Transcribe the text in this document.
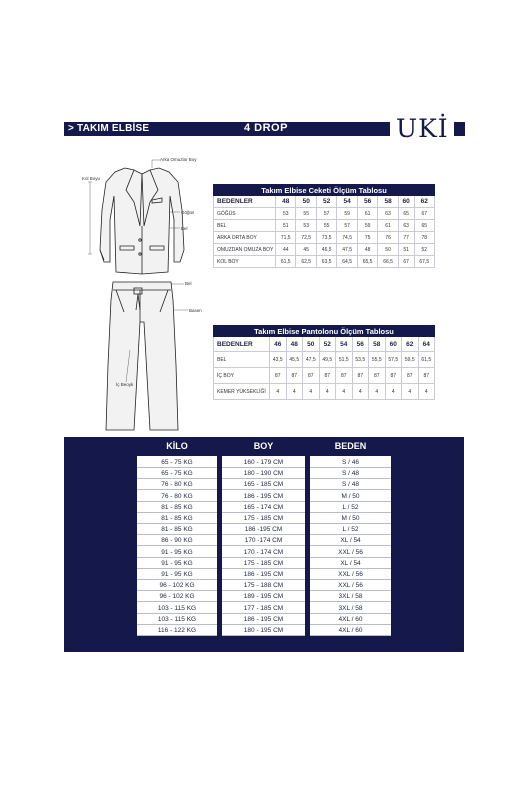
> TAKIM ELBİSE	4 DROP	UKİ
Arka Omuzlar Boy
Kol Boyu
Göğüs
Bel
Bel
Basen
İç Beoyk
Takım Elbise Ceketi Ölçüm Tablosu								
BEDENLER	48	50	52	54	56	58	60	62
GÖĞÜS	53	55	57	59	61	63	65	67
BEL	51	53	55	57	59	61	63	65
ARKA ORTA BOY	71,5	72,5	73,5	74,5	75	76	77	78
OMUZDAN OMUZA BOY	44	45	46,5	47,5	48	50	51	52
KOL BOY	61,5	62,5	63,5	64,5	65,5	66,5	67	67,5
Takım Elbise Pantolonu Ölçüm Tablosu										
BEDENLER	46	48	50	52	54	56	58	60	62	64
BEL	43,5	45,5	47,5	49,5	51,5	53,5	55,5	57,5	59,5	61,5
İÇ BOY	87	87	87	87	87	87	87	87	87	87
KEMER YÜKSEKLİĞİ	4	4	4	4	4	4	4	4	4	4
KİLO	BOY	BEDEN
65 - 75 KG	160 - 179 CM	S / 46
65 - 75 KG	180 - 190 CM	S / 48
76 - 80 KG	165 - 185 CM	S / 48
76 - 80 KG	186 - 195 CM	M / 50
81 - 85 KG	165 - 174 CM	L / 52
81 - 85 KG	175 - 185 CM	M / 50
81 - 85 KG	186 -195 CM	L / 52
86 - 90 KG	170 -174 CM	XL / 54
91 - 95 KG	170 - 174 CM	XXL / 56
91 - 95 KG	175 - 185 CM	XL / 54
91 - 95 KG	186 - 195 CM	XXL / 56
96 - 102 KG	175 - 188 CM	XXL / 56
96 - 102 KG	189 - 195 CM	3XL / 58
103 - 115 KG	177 - 185 CM	3XL / 58
103 - 115 KG	186 - 195 CM	4XL / 60
116 - 122 KG	180 - 195 CM	4XL / 60
